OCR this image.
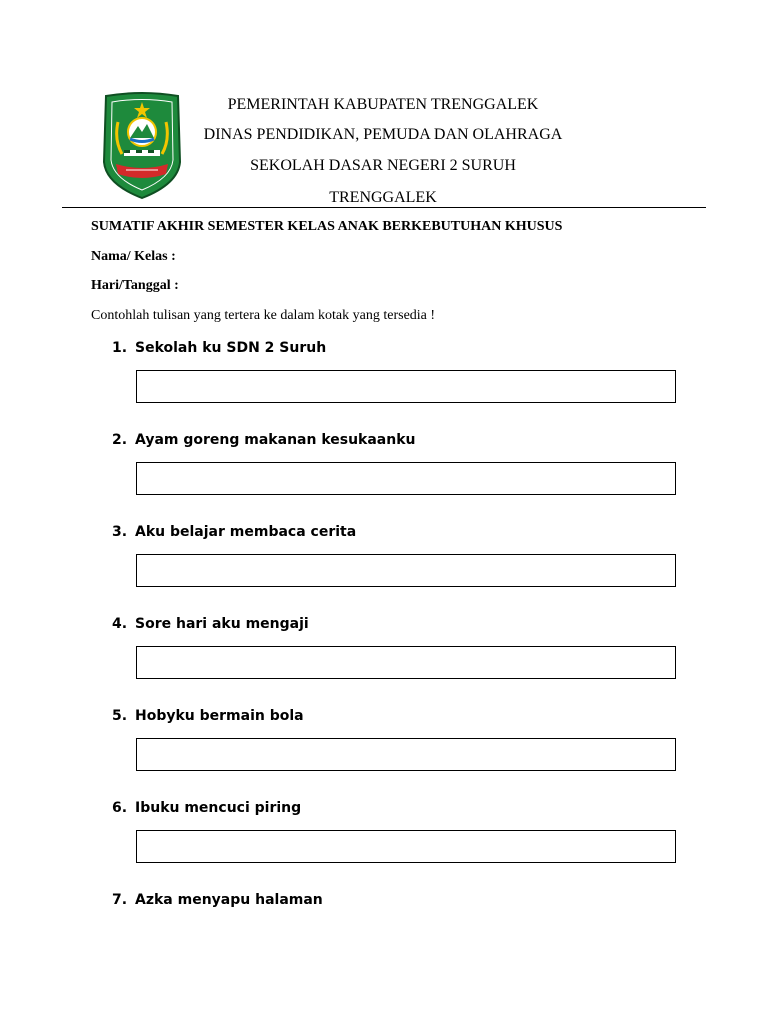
PEMERINTAH KABUPATEN TRENGGALEK
DINAS PENDIDIKAN, PEMUDA DAN OLAHRAGA
SEKOLAH DASAR NEGERI 2 SURUH
TRENGGALEK
SUMATIF AKHIR SEMESTER KELAS ANAK BERKEBUTUHAN KHUSUS
Nama/ Kelas :
Hari/Tanggal :
Contohlah tulisan yang tertera ke dalam kotak yang tersedia !
1. Sekolah ku SDN 2 Suruh
2. Ayam goreng makanan kesukaanku
3. Aku belajar membaca cerita
4. Sore hari aku mengaji
5. Hobyku bermain bola
6. Ibuku mencuci piring
7. Azka menyapu halaman
